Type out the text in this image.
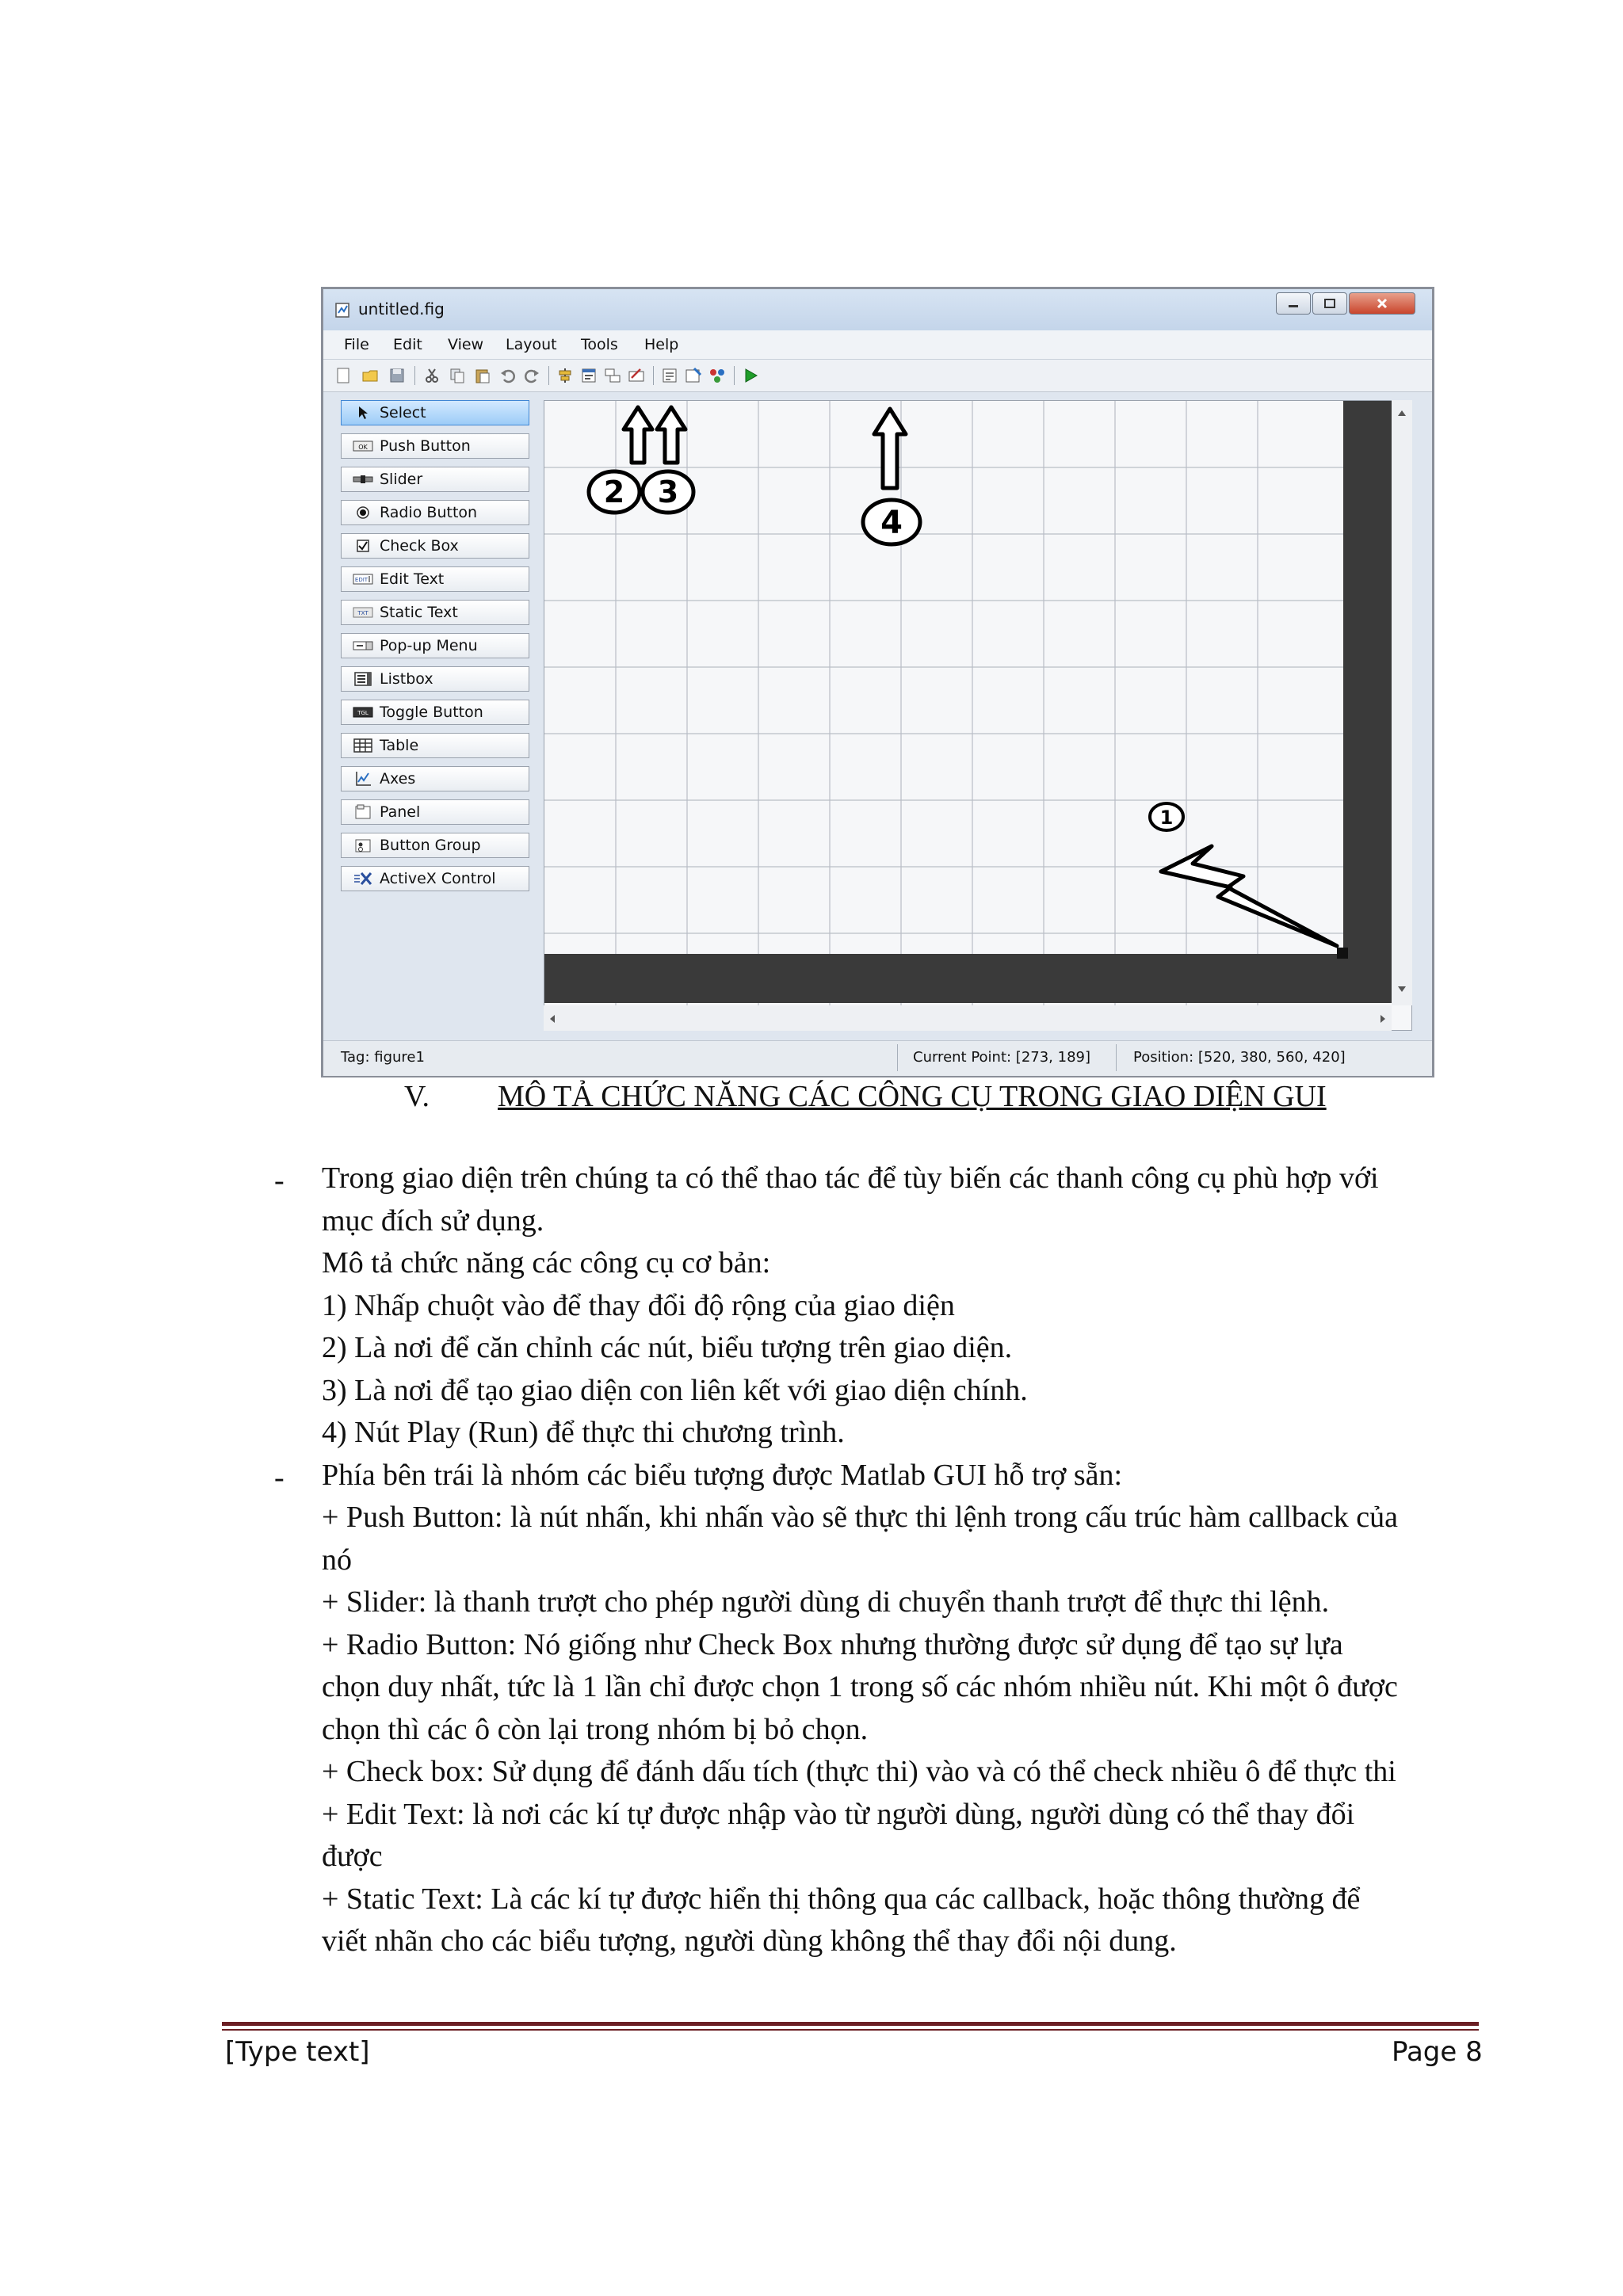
untitled.fig
File Edit View Layout Tools Help
Select
OK Push Button
Slider
Radio Button
Check Box
EDIT Edit Text
TXT Static Text
Pop-up Menu
Listbox
TGL Toggle Button
Table
Axes
Panel
Button Group
ActiveX Control
2 3
4
1
Tag: figure1	Current Point: [273, 189]	Position: [520, 380, 560, 420]
V. MÔ TẢ CHỨC NĂNG CÁC CÔNG CỤ TRONG GIAO DIỆN GUI
- Trong giao diện trên chúng ta có thể thao tác để tùy biến các thanh công cụ phù hợp với
mục đích sử dụng.
Mô tả chức năng các công cụ cơ bản:
1) Nhấp chuột vào để thay đổi độ rộng của giao diện
2) Là nơi để căn chỉnh các nút, biểu tượng trên giao diện.
3) Là nơi để tạo giao diện con liên kết với giao diện chính.
4) Nút Play (Run) để thực thi chương trình.
- Phía bên trái là nhóm các biểu tượng được Matlab GUI hỗ trợ sẵn:
+ Push Button: là nút nhấn, khi nhấn vào sẽ thực thi lệnh trong cấu trúc hàm callback của
nó
+ Slider: là thanh trượt cho phép người dùng di chuyển thanh trượt để thực thi lệnh.
+ Radio Button: Nó giống như Check Box nhưng thường được sử dụng để tạo sự lựa
chọn duy nhất, tức là 1 lần chỉ được chọn 1 trong số các nhóm nhiều nút. Khi một ô được
chọn thì các ô còn lại trong nhóm bị bỏ chọn.
+ Check box: Sử dụng để đánh dấu tích (thực thi) vào và có thể check nhiều ô để thực thi
+ Edit Text: là nơi các kí tự được nhập vào từ người dùng, người dùng có thể thay đổi
được
+ Static Text: Là các kí tự được hiển thị thông qua các callback, hoặc thông thường để
viết nhãn cho các biểu tượng, người dùng không thể thay đổi nội dung.
[Type text]	Page 8
